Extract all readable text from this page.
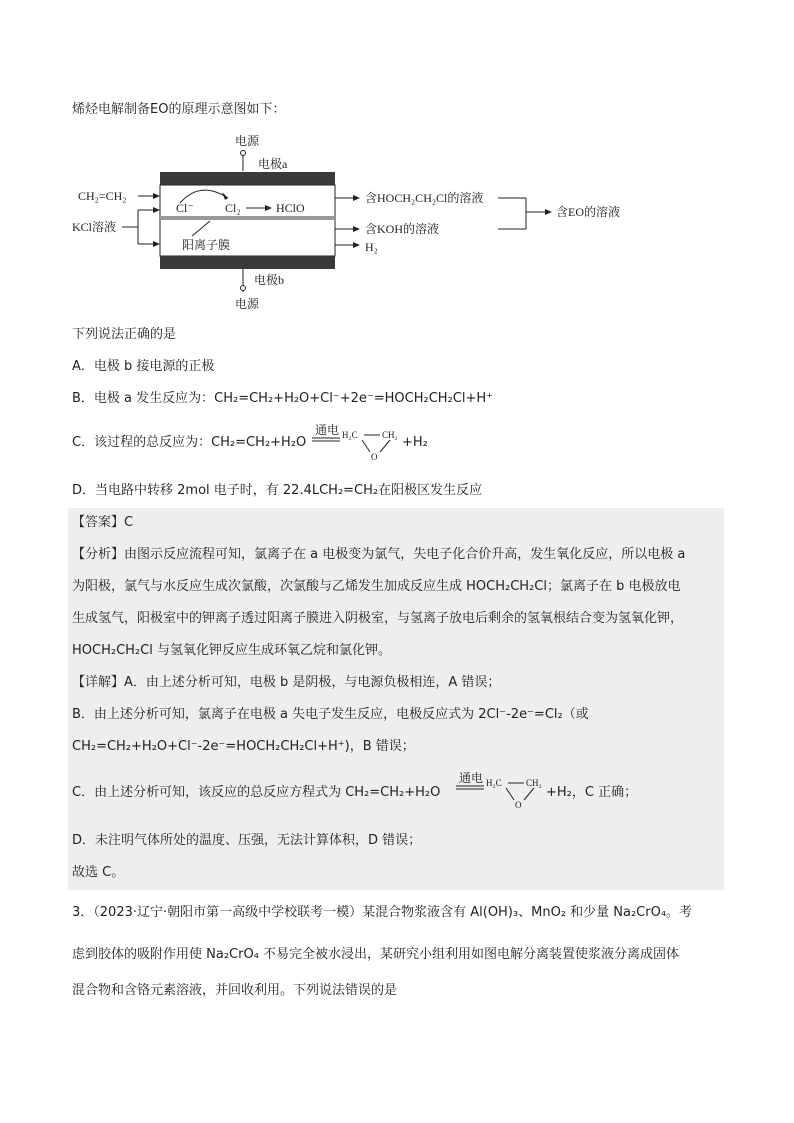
烯烃电解制备EO的原理示意图如下：
电源
电极a
Cl⁻	Cl₂	HClO
阳离子膜
CH₂=CH₂
KCl溶液
含HOCH₂CH₂Cl的溶液
含KOH的溶液
H₂
含EO的溶液
电极b
电源
下列说法正确的是
A．电极 b 接电源的正极
B．电极 a 发生反应为：CH₂=CH₂+H₂O+Cl⁻+2e⁻=HOCH₂CH₂Cl+H⁺
C．该过程的总反应为：CH₂=CH₂+H₂O
通电 H₂C	CH₂
O
+H₂
D．当电路中转移 2mol 电子时，有 22.4LCH₂=CH₂在阳极区发生反应
【答案】C
【分析】由图示反应流程可知，氯离子在 a 电极变为氯气，失电子化合价升高，发生氧化反应，所以电极 a
为阳极，氯气与水反应生成次氯酸，次氯酸与乙烯发生加成反应生成 HOCH₂CH₂Cl；氯离子在 b 电极放电
生成氢气，阳极室中的钾离子透过阳离子膜进入阴极室，与氢离子放电后剩余的氢氧根结合变为氢氧化钾，
HOCH₂CH₂Cl 与氢氧化钾反应生成环氧乙烷和氯化钾。
【详解】A．由上述分析可知，电极 b 是阴极，与电源负极相连，A 错误；
B．由上述分析可知，氯离子在电极 a 失电子发生反应，电极反应式为 2Cl⁻-2e⁻=Cl₂（或
CH₂=CH₂+H₂O+Cl⁻-2e⁻=HOCH₂CH₂Cl+H⁺)，B 错误；
C．由上述分析可知，该反应的总反应方程式为 CH₂=CH₂+H₂O
通电 H₂C	CH₂
O
+H₂，C 正确；
D．未注明气体所处的温度、压强，无法计算体积，D 错误；
故选 C。
3．（2023·辽宁·朝阳市第一高级中学校联考一模）某混合物浆液含有 Al(OH)₃、MnO₂ 和少量 Na₂CrO₄。考
虑到胶体的吸附作用使 Na₂CrO₄ 不易完全被水浸出，某研究小组利用如图电解分离装置使浆液分离成固体
混合物和含铬元素溶液，并回收利用。下列说法错误的是
